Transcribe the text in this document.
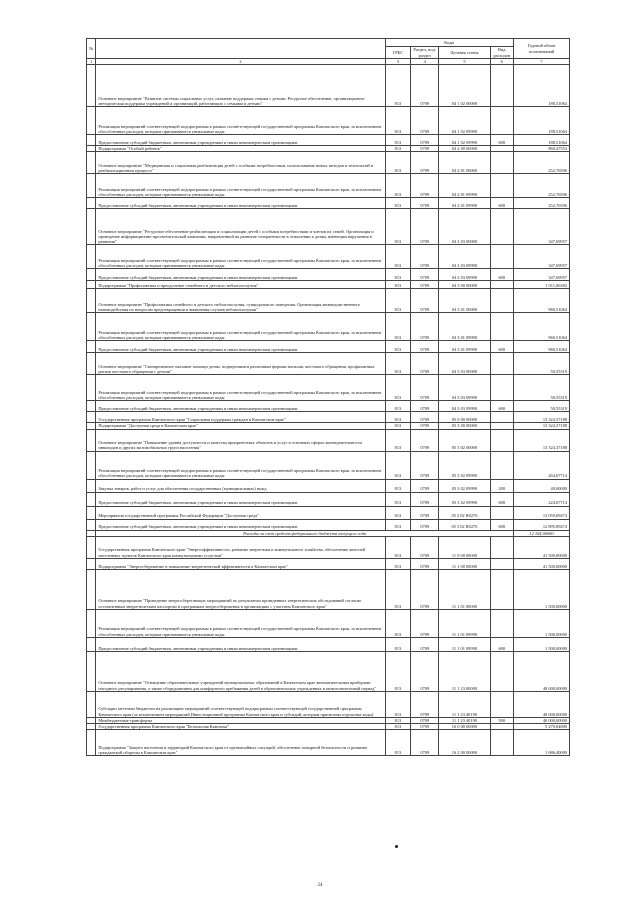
№		Коды				Годовой объем ассигнований
		ГРБС	Раздел, под-раздел	Целевая статья	Вид расходов	
1	2	3	4	5	6	7
	Основное мероприятие "Развитие системы социальных услуг, оказание поддержки семьям с детьми. Ресурсное обеспечение, организационно-методическая поддержка учреждений и организаций, работающих с семьями и детьми"	813	0709	04 1 02 00000		188,51064
	Реализация мероприятий соответствующей подпрограммы в рамках соответствующей государственной программы Камчатского края, за исключением обособленных расходов, которым присваиваются уникальные коды	813	0709	04 1 02 09990		188,51064
	Предоставление субсидий бюджетным, автономным учреждениям и иным некоммерческим организациям	813	0709	04 1 02 09990	600	188,51064
	Подпрограмма "Особый ребенок"	813	0709	04 2 00 00000		860,47553
	Основное мероприятие "Медицинская и социальная реабилитация детей с особыми потребностями, использование новых методов и технологий в реабилитационном процессе"	813	0709	04 2 01 00000		252,76596
	Реализация мероприятий соответствующей подпрограммы в рамках соответствующей государственной программы Камчатского края, за исключением обособленных расходов, которым присваиваются уникальные коды	813	0709	04 2 01 09990		252,76596
	Предоставление субсидий бюджетным, автономным учреждениям и иным некоммерческим организациям	813	0709	04 2 01 09990	600	252,76596
	Основное мероприятие "Ресурсное обеспечение реабилитации и социализации детей с особыми потребностями и членов их семей. Организация и проведение информационно-просветительской кампании, направленной на развитие толерантности в отношении к детям, имеющим нарушения в развитии"	813	0709	04 2 03 00000		347,69957
	Реализация мероприятий соответствующей подпрограммы в рамках соответствующей государственной программы Камчатского края, за исключением обособленных расходов, которым присваиваются уникальные коды	813	0709	04 2 03 09990		347,69957
	Предоставление субсидий бюджетным, автономным учреждениям и иным некоммерческим организациям	813	0709	04 2 03 09990	600	347,69957
	Подпрограмма "Профилактика и преодоление семейного и детского неблагополучия"	813	0709	04 3 00 00000		1 011,06383
	Основное мероприятие "Профилактика семейного и детского неблагополучия, суицидального поведения. Организация межведомственного взаимодействия по вопросам предотвращения и выявления случаев неблагополучия"	813	0709	04 3 01 00000		960,51064
	Реализация мероприятий соответствующей подпрограммы в рамках соответствующей государственной программы Камчатского края, за исключением обособленных расходов, которым присваиваются уникальные коды	813	0709	04 3 01 09990		960,51064
	Предоставление субсидий бюджетным, автономным учреждениям и иным некоммерческим организациям	813	0709	04 3 01 09990	600	960,51064
	Основное мероприятие "Своевременное оказание помощи детям, подвергшимся различным формам насилия, жестокого обращения, профилактика рисков жестокого обращения с детьми"	813	0709	04 3 03 00000		50,55319
	Реализация мероприятий соответствующей подпрограммы в рамках соответствующей государственной программы Камчатского края, за исключением обособленных расходов, которым присваиваются уникальные коды	813	0709	04 3 03 09990		50,55319
	Предоставление субсидий бюджетным, автономным учреждениям и иным некоммерческим организациям	813	0709	04 3 03 09990	600	50,55319
	Государственная программа Камчатского края "Социальная поддержка граждан в Камчатском крае"	813	0709	05 0 00 00000		13 324,37188
	Подпрограмма "Доступная среда в Камчатском крае"	813	0709	05 3 00 00000		13 324,37188
	Основное мероприятие "Повышение уровня доступности и качества приоритетных объектов и услуг в основных сферах жизнедеятельности инвалидов и других маломобильных групп населения"	813	0709	05 3 02 00000		13 324,37188
	Реализация мероприятий соответствующей подпрограммы в рамках соответствующей государственной программы Камчатского края, за исключением обособленных расходов, которым присваиваются уникальные коды	813	0709	05 3 02 09990		264,67714
	Закупка товаров, работ и услуг для обеспечения государственных (муниципальных) нужд	813	0709	05 3 02 09990	200	40,00000
	Предоставление субсидий бюджетным, автономным учреждениям и иным некоммерческим организациям	813	0709	05 3 02 09990	600	224,67714
	Мероприятия государственной программы Российской Федерации "Доступная среда"	813	0709	05 3 02 R0270		13 059,69474
	Предоставление субсидий бюджетным, автономным учреждениям и иным некоммерческим организациям	813	0709	05 3 02 R0270	600	12 895,89474
	Расходы за счет средств федерального бюджета текущего года					12 164,00000
	Государственная программа Камчатского края "Энергоэффективность, развитие энергетики и коммунального хозяйства, обеспечение жителей населенных пунктов Камчатского края коммунальными услугами"	813	0709	11 0 00 00000		41 500,00000
	Подпрограмма "Энергосбережение и повышение энергетической эффективности в Камчатском крае"	813	0709	11 1 00 00000		41 500,00000
	Основное мероприятие "Проведение энергосберегающих мероприятий по результатам проведенных энергетических обследований согласно составленным энергетическим паспортам и программам энергосбережения в организациях с участием Камчатского края"	813	0709	11 1 01 00000		1 500,00000
	Реализация мероприятий соответствующей подпрограммы в рамках соответствующей государственной программы Камчатского края, за исключением обособленных расходов, которым присваиваются уникальные коды	813	0709	11 1 01 09990		1 500,00000
	Предоставление субсидий бюджетным, автономным учреждениям и иным некоммерческим организациям	813	0709	11 1 01 09990	600	1 500,00000
	Основное мероприятие "Оснащение образовательных учреждений муниципальных образований в Камчатском крае автоматическими приборами погодного регулирования, а также оборудованием для комфортного пребывания детей в образовательных учреждениях в межотопительный период"	813	0709	11 1 23 00000		40 000,00000
	Субсидии местным бюджетам на реализацию мероприятий соответствующей подпрограммы соответствующей государственной программы Камчатского края (за исключением мероприятий Инвестиционной программы Камчатского края и субсидий, которым присвоены отдельные коды)	813	0709	11 1 23 40190		40 000,00000
	Межбюджетные трансферты	813	0709	11 1 23 40190	500	40 000,00000
	Государственная программа Камчатского края "Безопасная Камчатка"	813	0709	16 0 00 00000		5 279,84800
	Подпрограмма "Защита населения и территорий Камчатского края от чрезвычайных ситуаций, обеспечение пожарной безопасности и развитие гражданской обороны в Камчатском крае"	813	0709	16 2 00 00000		1 686,40000
24
